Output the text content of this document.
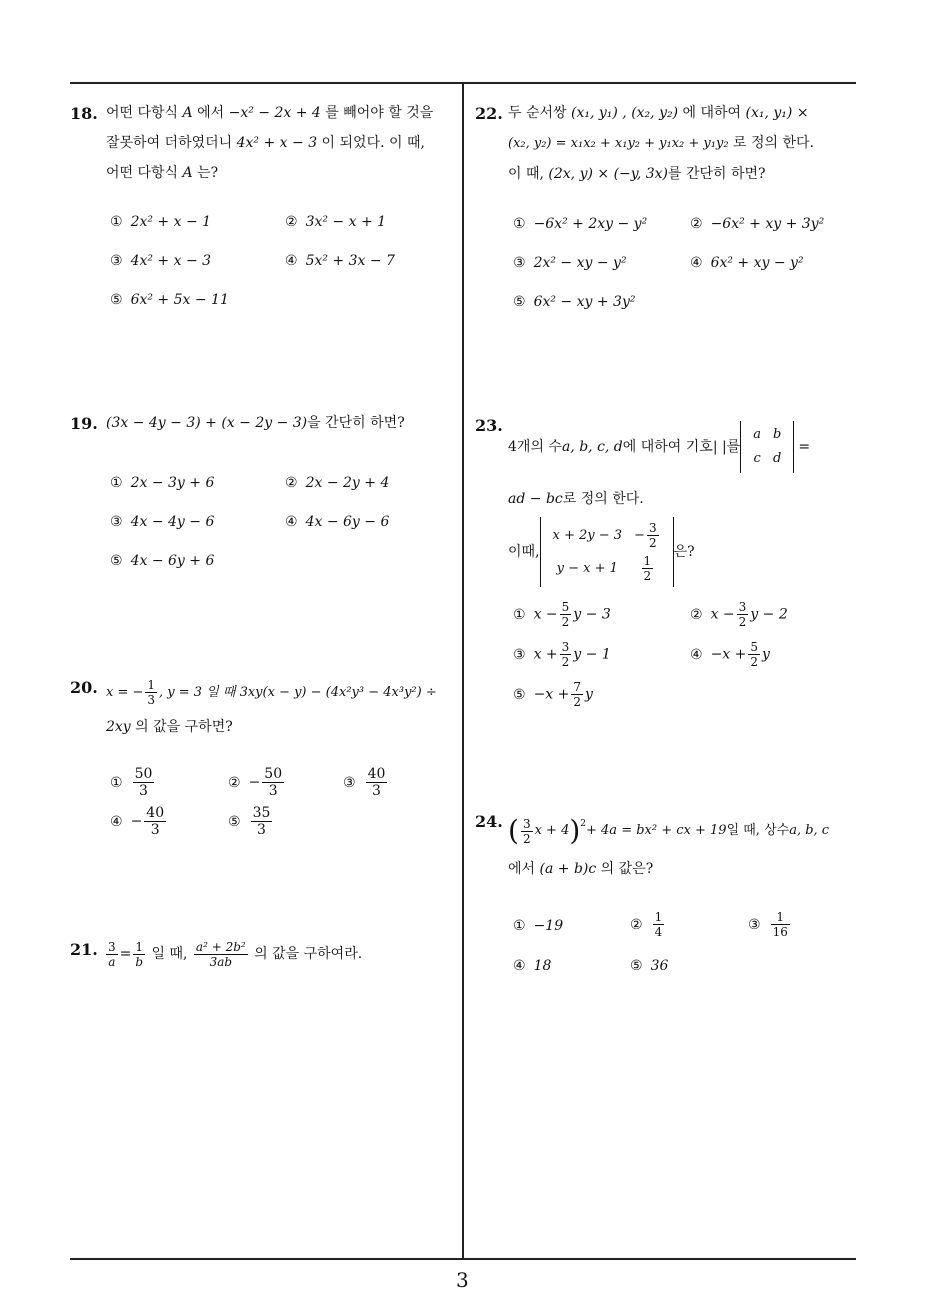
18. 어떤 다항식 A 에서 −x² − 2x + 4 를 빼어야 할 것을
잘못하여 더하였더니 4x² + x − 3 이 되었다. 이 때,
어떤 다항식 A 는?
① 2x² + x − 1	② 3x² − x + 1
③ 4x² + x − 3	④ 5x² + 3x − 7
⑤ 6x² + 5x − 11
19. (3x − 4y − 3) + (x − 2y − 3)을 간단히 하면?
① 2x − 3y + 6	② 2x − 2y + 4
③ 4x − 4y − 6	④ 4x − 6y − 6
⑤ 4x − 6y + 6
20. x = − $\frac{1}{3}$ , y = 3 일 때 3xy(x − y) − (4x²y³ − 4x³y²) ÷
2xy 의 값을 구하면?
① $\frac{50}{3}$	② − $\frac{50}{3}$	③ $\frac{40}{3}$
④ − $\frac{40}{3}$	⑤ $\frac{35}{3}$
21. $\frac{3}{a} = \frac{1}{b}$ 일 때, $\frac{\text{a² + 2b²}}{3ab}$ 의 값을 구하여라.
22. 두 순서쌍 (x₁, y₁) , (x₂, y₂) 에 대하여 (x₁, y₁) ×
(x₂, y₂) = x₁x₂ + x₁y₂ + y₁x₂ + y₁y₂ 로 정의 한다.
이 때, (2x, y) × (−y, 3x)를 간단히 하면?
① −6x² + 2xy − y²	② −6x² + xy + 3y²
③ 2x² − xy − y²	④ 6x² + xy − y²
⑤ 6x² − xy + 3y²
23.
4 개의 수 a, b, c, d 에 대하여 기호 | | 를
a	b
c	d
=
ad − bc로 정의 한다.
이때,
x + 2y − 3	− $\frac{3}{2}$

y − x + 1	$\frac{1}{2}$
은?
① $x - \frac{5}{2}$ y − 3	② $x - \frac{3}{2}$ y − 2
③ $x + \frac{3}{2}$ y − 1	④ $-x + \frac{5}{2}$ y
⑤ $-x + \frac{7}{2}$ y
24. ( $\frac{3}{2}$ x + 4 ) 2 + 4a = bx² + cx + 19 일 때, 상수 a, b, c
에서 (a + b)c 의 값은?
① −19	② $\frac{1}{4}$	③ $\frac{1}{16}$
④ 18	⑤ 36
3
